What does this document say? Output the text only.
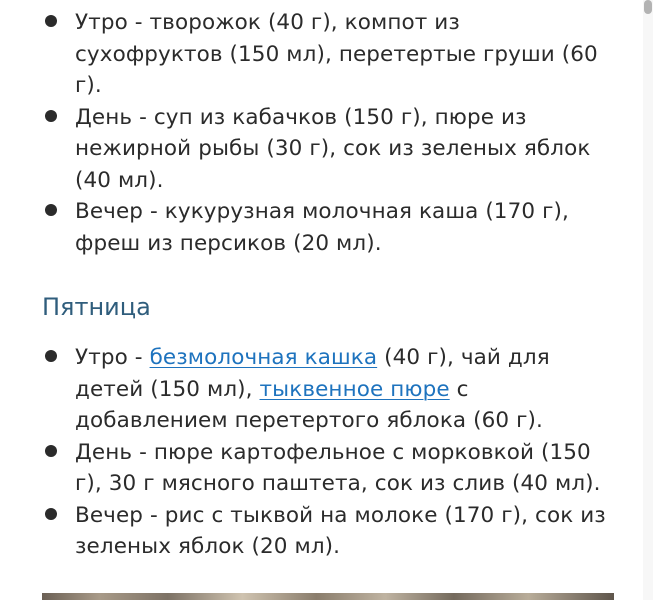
Утро - творожок (40 г), компот из сухофруктов (150 мл), перетертые груши (60 г).
День - суп из кабачков (150 г), пюре из нежирной рыбы (30 г), сок из зеленых яблок (40 мл).
Вечер - кукурузная молочная каша (170 г), фреш из персиков (20 мл).
Пятница
Утро - безмолочная кашка (40 г), чай для детей (150 мл), тыквенное пюре с добавлением перетертого яблока (60 г).
День - пюре картофельное с морковкой (150 г), 30 г мясного паштета, сок из слив (40 мл).
Вечер - рис с тыквой на молоке (170 г), сок из зеленых яблок (20 мл).
